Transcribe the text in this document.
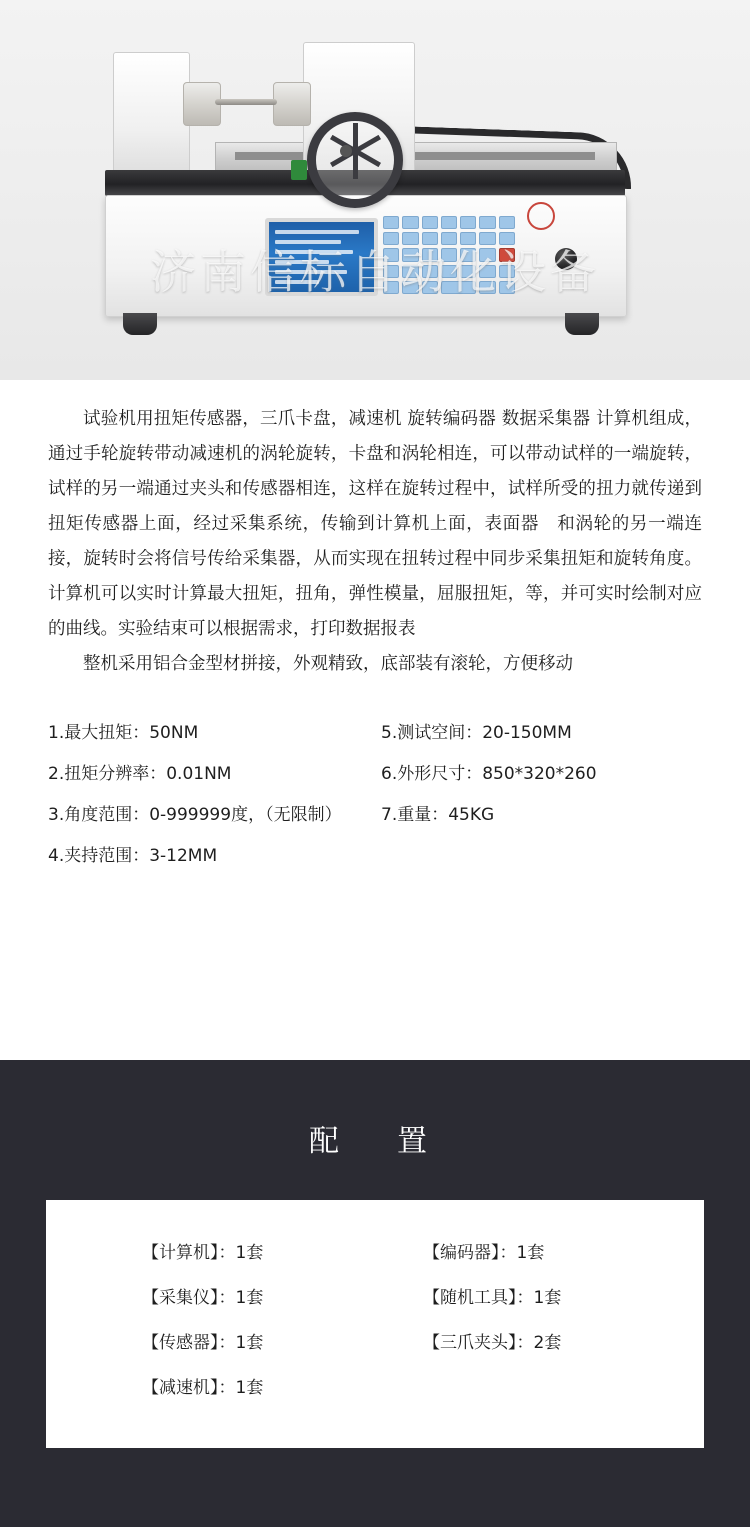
济南信标自动化设备

试验机用扭矩传感器，三爪卡盘，减速机 旋转编码器 数据采集器 计算机组成，通过手轮旋转带动减速机的涡轮旋转，卡盘和涡轮相连，可以带动试样的一端旋转，试样的另一端通过夹头和传感器相连，这样在旋转过程中，试样所受的扭力就传递到扭矩传感器上面，经过采集系统，传输到计算机上面，表面器　和涡轮的另一端连接，旋转时会将信号传给采集器，从而实现在扭转过程中同步采集扭矩和旋转角度。计算机可以实时计算最大扭矩，扭角，弹性模量，屈服扭矩，等，并可实时绘制对应的曲线。实验结束可以根据需求，打印数据报表

整机采用铝合金型材拼接，外观精致，底部装有滚轮，方便移动

1.最大扭矩：50NM	5.测试空间：20-150MM
2.扭矩分辨率：0.01NM	6.外形尺寸：850*320*260
3.角度范围：0-999999度，（无限制）	7.重量：45KG
4.夹持范围：3-12MM
配　置
【计算机】：1套	【编码器】：1套
【采集仪】：1套	【随机工具】：1套
【传感器】：1套	【三爪夹头】：2套
【减速机】：1套
